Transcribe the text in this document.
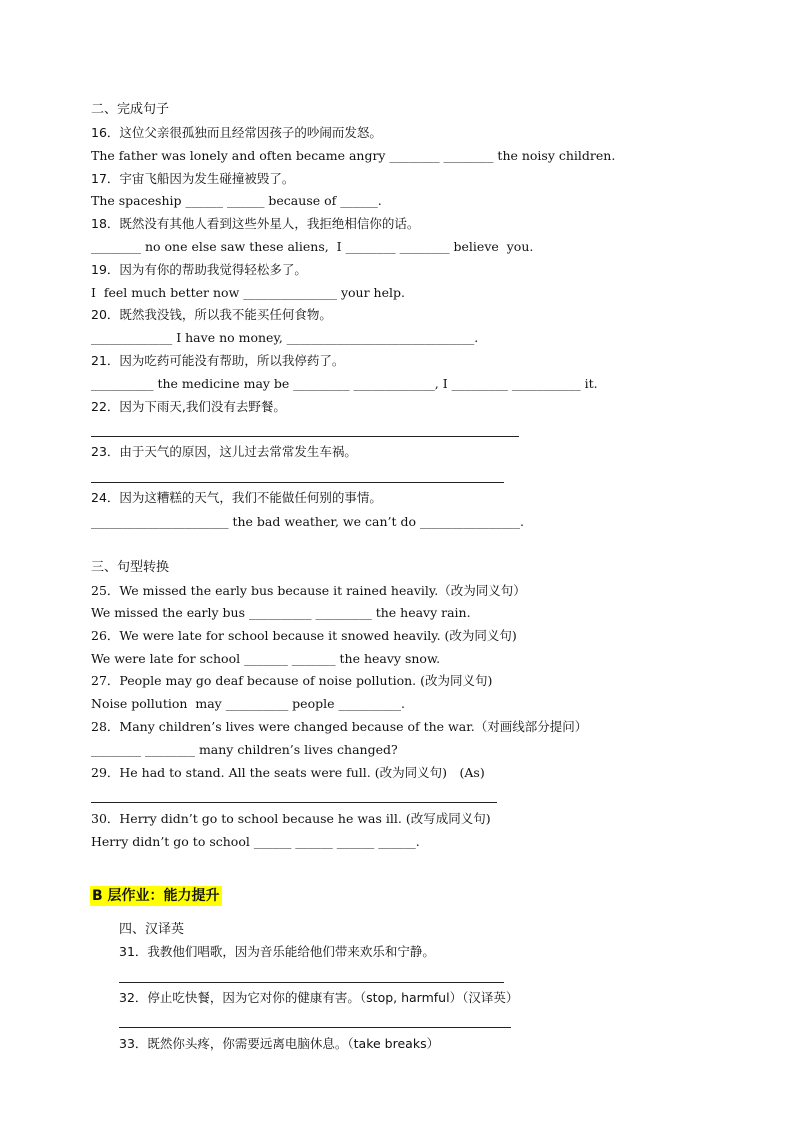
二、完成句子
16．这位父亲很孤独而且经常因孩子的吵闹而发怒。
The father was lonely and often became angry ________ ________ the noisy children.
17．宇宙飞船因为发生碰撞被毁了。
The spaceship ______ ______ because of ______.
18．既然没有其他人看到这些外星人，我拒绝相信你的话。
________ no one else saw these aliens,  I ________ ________ believe  you.
19．因为有你的帮助我觉得轻松多了。
I  feel much better now _______________ your help.
20．既然我没钱，所以我不能买任何食物。
_____________ I have no money, ______________________________.
21．因为吃药可能没有帮助，所以我停药了。
__________ the medicine may be _________ _____________, I _________ ___________ it.
22．因为下雨天,我们没有去野餐。
23．由于天气的原因，这儿过去常常发生车祸。
24．因为这糟糕的天气，我们不能做任何别的事情。
______________________ the bad weather, we can’t do ________________.
三、句型转换
25．We missed the early bus because it rained heavily.（改为同义句）
We missed the early bus __________ _________ the heavy rain.
26．We were late for school because it snowed heavily. (改为同义句)
We were late for school _______ _______ the heavy snow.
27．People may go deaf because of noise pollution. (改为同义句)
Noise pollution  may __________ people __________.
28．Many children’s lives were changed because of the war.（对画线部分提问）
________ ________ many children’s lives changed?
29．He had to stand. All the seats were full. (改为同义句)　(As)
30．Herry didn’t go to school because he was ill. (改写成同义句)
Herry didn’t go to school ______ ______ ______ ______.
B 层作业：能力提升
四、汉译英
31．我教他们唱歌，因为音乐能给他们带来欢乐和宁静。
32．停止吃快餐，因为它对你的健康有害。（stop, harmful）（汉译英）
33．既然你头疼，你需要远离电脑休息。（take breaks）
